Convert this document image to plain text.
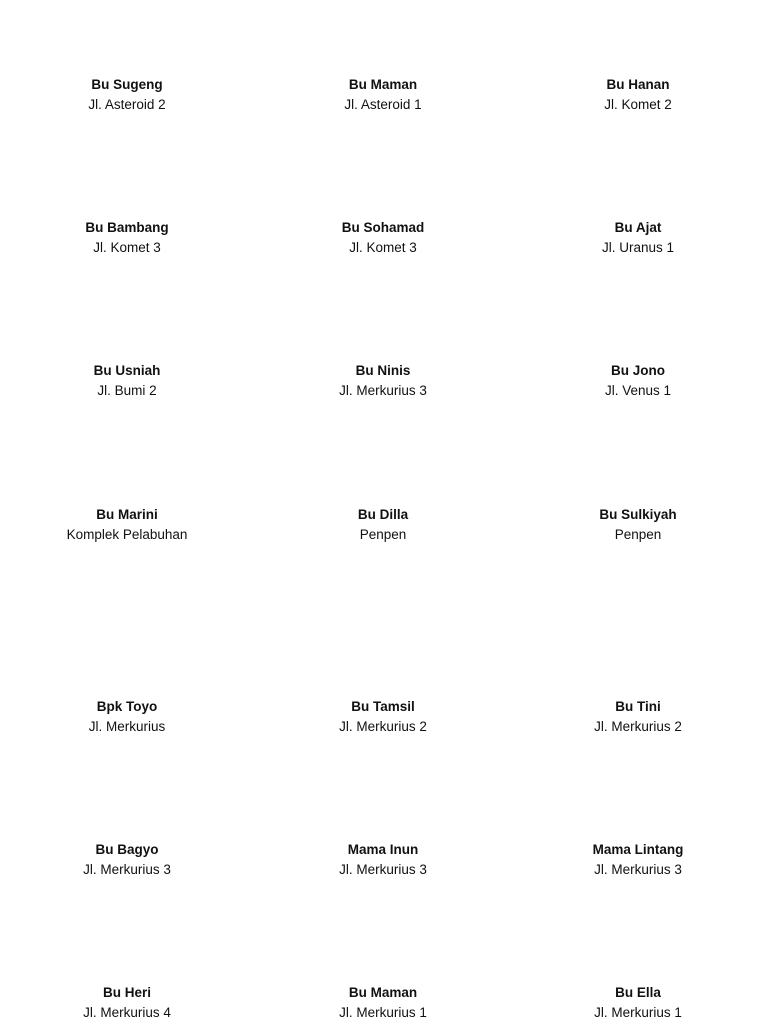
Bu Sugeng
Jl. Asteroid 2
Bu Maman
Jl. Asteroid 1
Bu Hanan
Jl. Komet 2
Bu Bambang
Jl. Komet 3
Bu Sohamad
Jl. Komet 3
Bu Ajat
Jl. Uranus 1
Bu Usniah
Jl. Bumi 2
Bu Ninis
Jl. Merkurius 3
Bu Jono
Jl. Venus 1
Bu Marini
Komplek Pelabuhan
Bu Dilla
Penpen
Bu Sulkiyah
Penpen
Bpk Toyo
Jl. Merkurius
Bu Tamsil
Jl. Merkurius 2
Bu Tini
Jl. Merkurius 2
Bu Bagyo
Jl. Merkurius 3
Mama Inun
Jl. Merkurius 3
Mama Lintang
Jl. Merkurius 3
Bu Heri
Jl. Merkurius 4
Bu Maman
Jl. Merkurius 1
Bu Ella
Jl. Merkurius 1
